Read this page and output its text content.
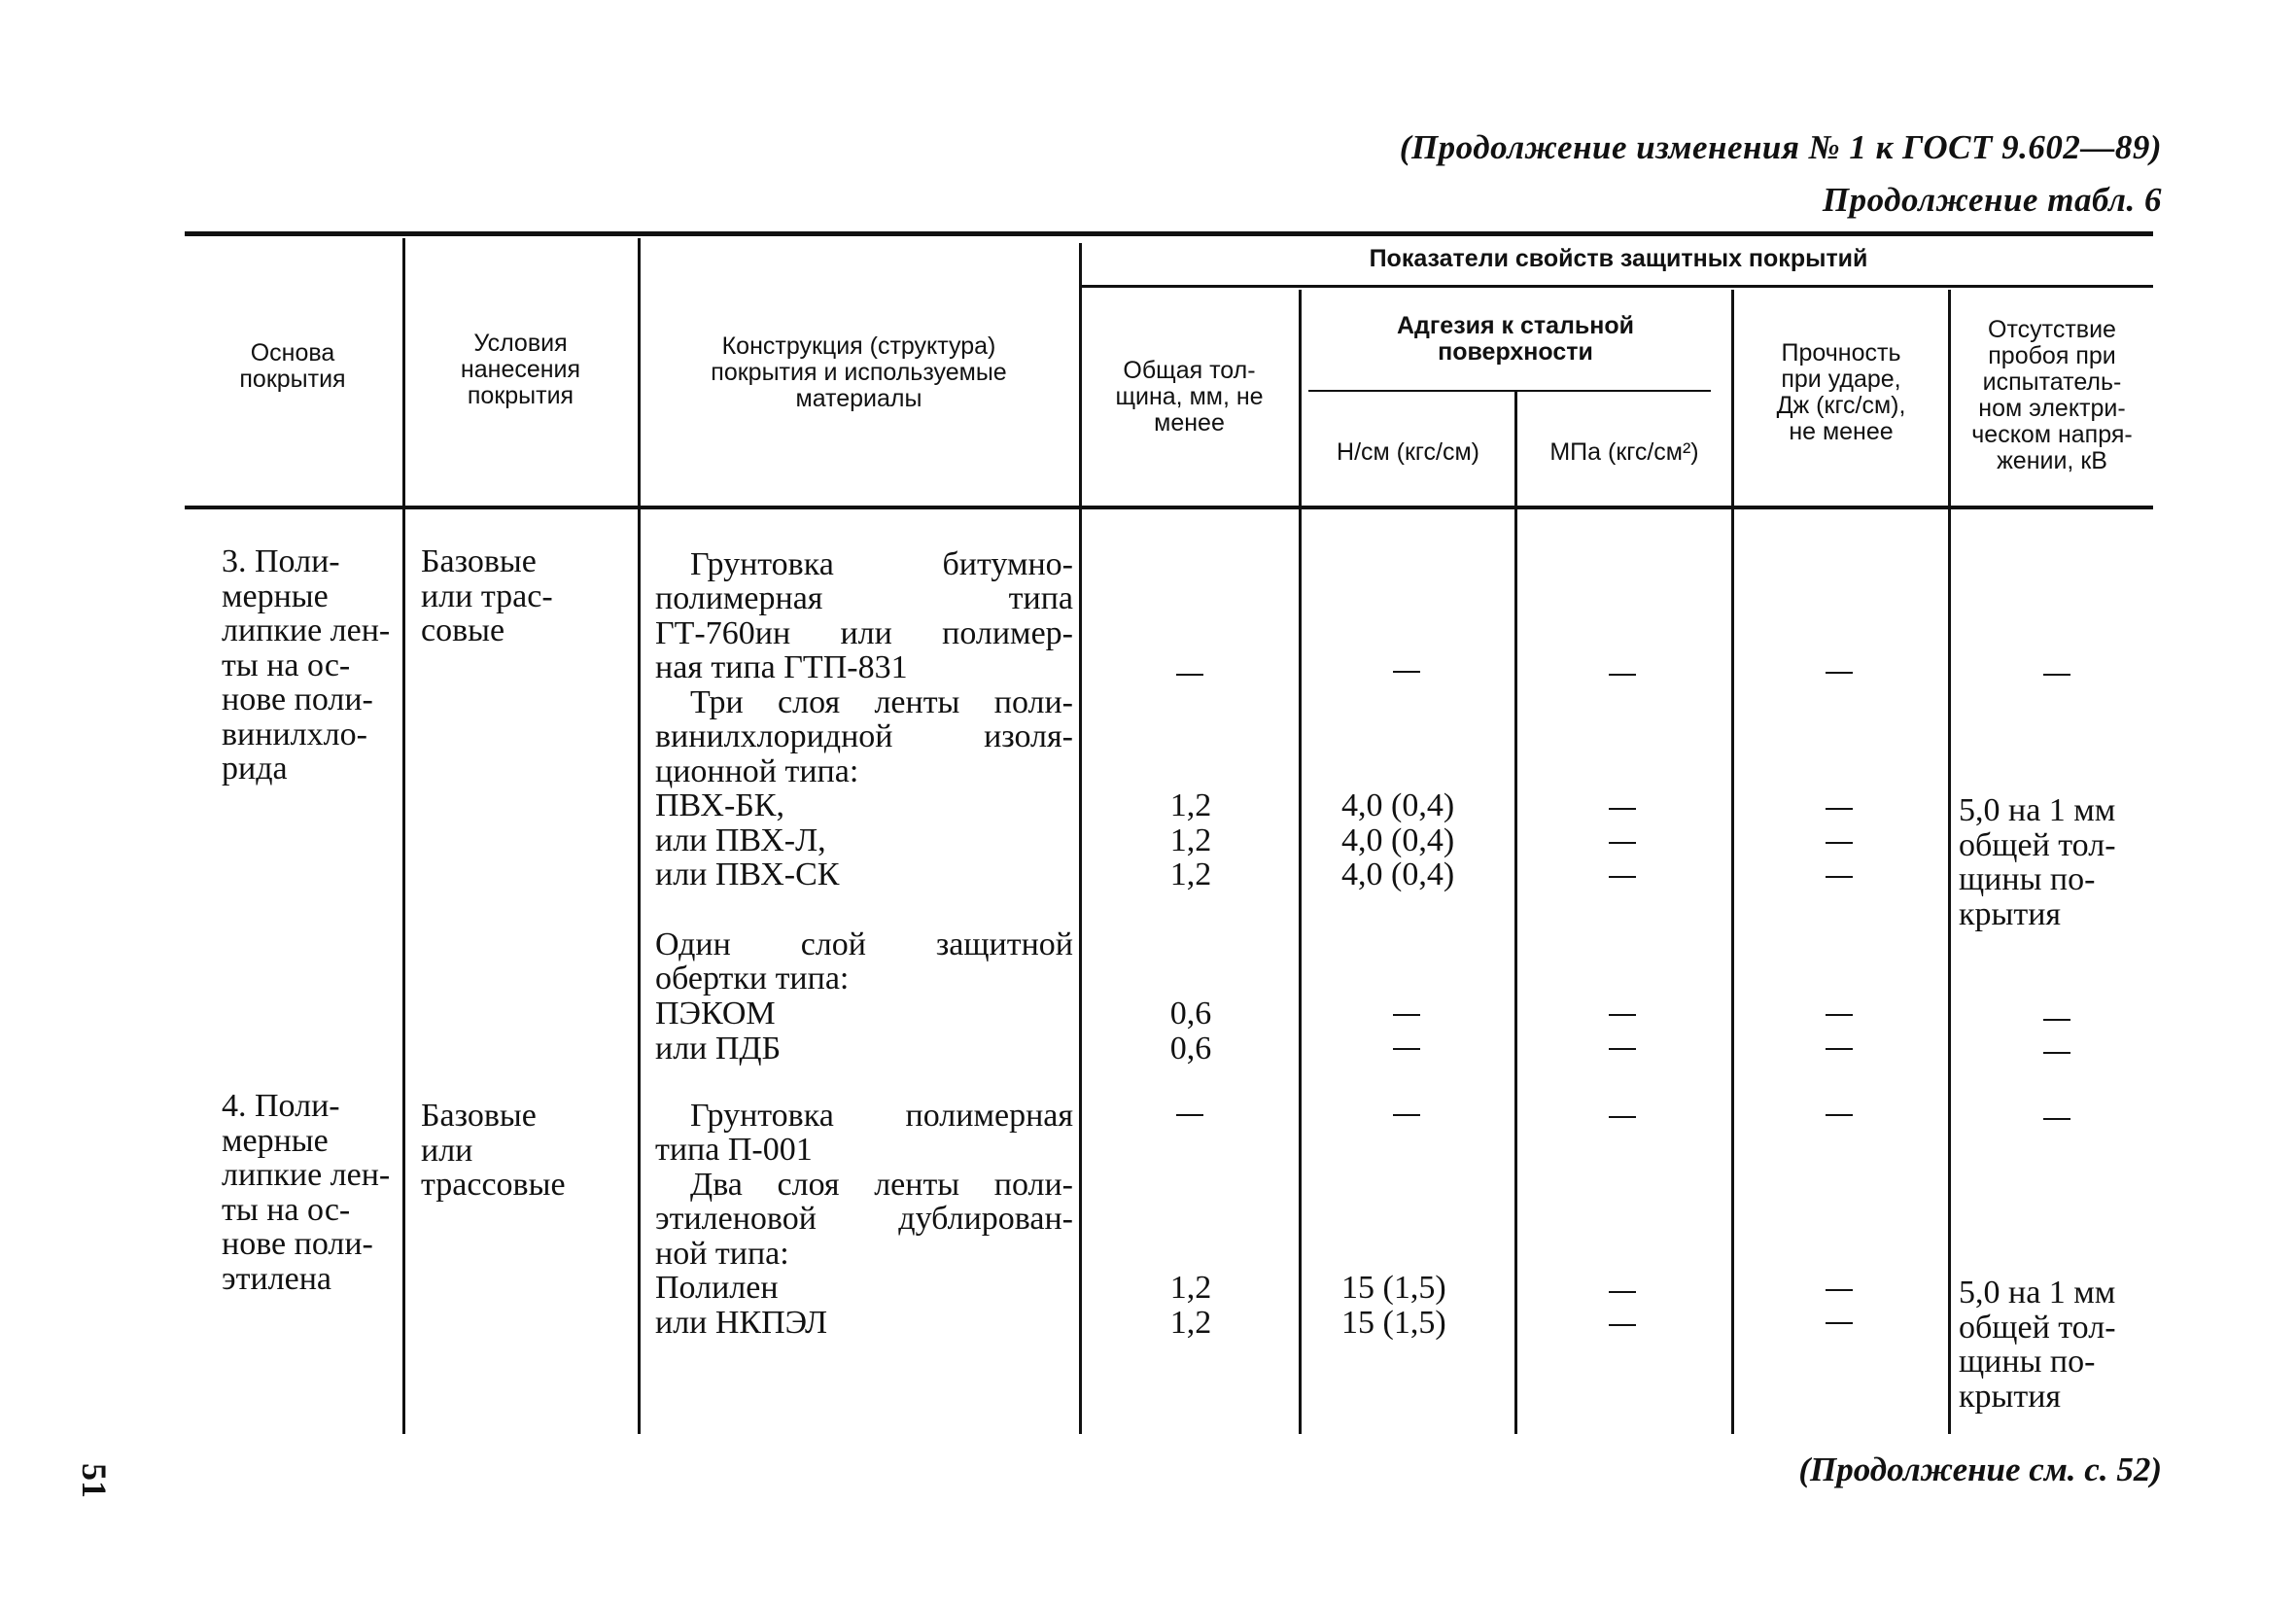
(Продолжение изменения № 1 к ГОСТ 9.602—89)
Продолжение табл. 6
Показатели свойств защитных покрытий
Основа
покрытия
Условия
нанесения
покрытия
Конструкция (структура)
покрытия и используемые
материалы
Общая тол-
щина, мм, не
менее
Адгезия к стальной
поверхности
Н/см (кгс/см)	МПа (кгс/см²)
Прочность
при ударе,
Дж (кгс/см),
не менее
Отсутствие
пробоя при
испытатель-
ном электри-
ческом напря-
жении, кВ
3. Поли-
мерные
липкие лен-
ты на ос-
нове поли-
винилхло-
рида
Базовые
или трас-
совые
Грунтовка битумно-
полимерная типа
ГТ-760ин или полимер-
ная типа ГТП-831
Три слоя ленты поли-
винилхлоридной изоля-
ционной типа:
ПВХ-БК,
или ПВХ-Л,
или ПВХ-СК
Один слой защитной
обертки типа:
ПЭКОМ
или ПДБ
1,2
1,2
1,2
0,6
0,6
4,0 (0,4)
4,0 (0,4)
4,0 (0,4)
5,0 на 1 мм
общей тол-
щины по-
крытия
4. Поли-
мерные
липкие лен-
ты на ос-
нове поли-
этилена
Базовые
или
трассовые
Грунтовка полимерная
типа П-001
Два слоя ленты поли-
этиленовой дублирован-
ной типа:
Полилен
или НКПЭЛ
1,2
1,2
15 (1,5)
15 (1,5)
5,0 на 1 мм
общей тол-
щины по-
крытия
(Продолжение см. с. 52)
51
